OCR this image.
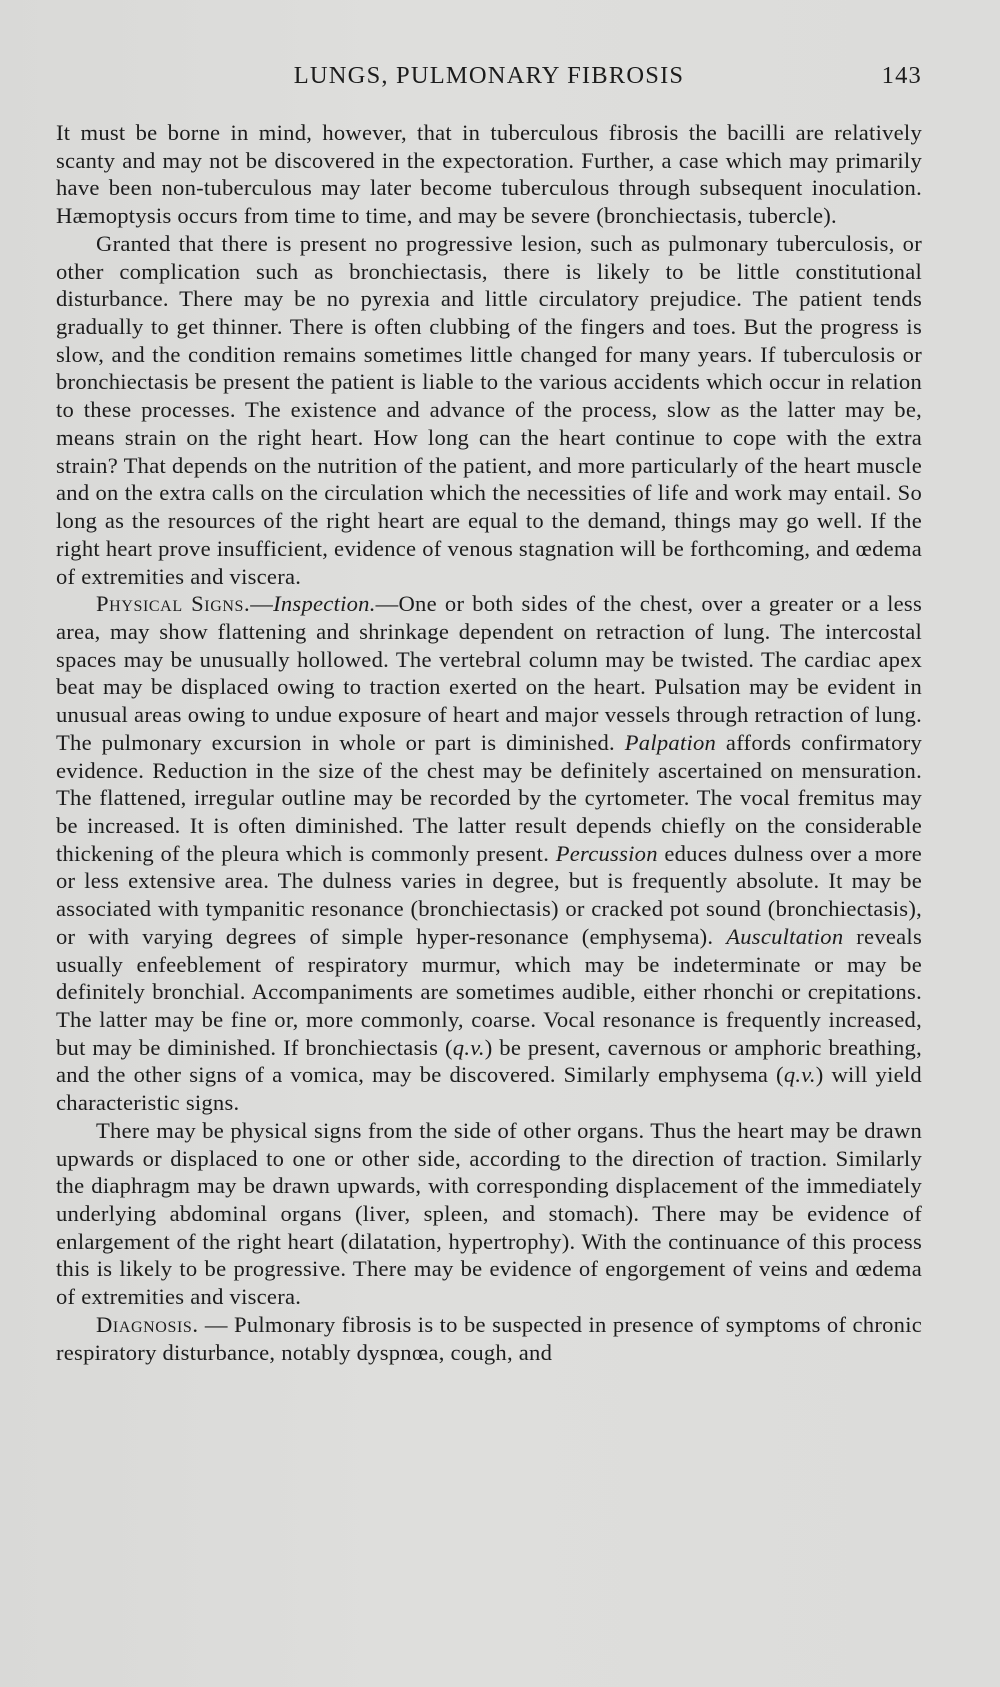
LUNGS, PULMONARY FIBROSIS	143

It must be borne in mind, however, that in tuberculous fibrosis the bacilli are relatively scanty and may not be discovered in the expectoration. Further, a case which may primarily have been non-tuberculous may later become tuberculous through subsequent inoculation. Hæmoptysis occurs from time to time, and may be severe (bronchiectasis, tubercle).

Granted that there is present no progressive lesion, such as pulmonary tuberculosis, or other complication such as bronchiectasis, there is likely to be little constitutional disturbance. There may be no pyrexia and little circulatory prejudice. The patient tends gradually to get thinner. There is often clubbing of the fingers and toes. But the progress is slow, and the condition remains sometimes little changed for many years. If tuberculosis or bronchiectasis be present the patient is liable to the various accidents which occur in relation to these processes. The existence and advance of the process, slow as the latter may be, means strain on the right heart. How long can the heart continue to cope with the extra strain? That depends on the nutrition of the patient, and more particularly of the heart muscle and on the extra calls on the circulation which the necessities of life and work may entail. So long as the resources of the right heart are equal to the demand, things may go well. If the right heart prove insufficient, evidence of venous stagnation will be forthcoming, and œdema of extremities and viscera.

Physical Signs.—Inspection.—One or both sides of the chest, over a greater or a less area, may show flattening and shrinkage dependent on retraction of lung. The intercostal spaces may be unusually hollowed. The vertebral column may be twisted. The cardiac apex beat may be displaced owing to traction exerted on the heart. Pulsation may be evident in unusual areas owing to undue exposure of heart and major vessels through retraction of lung. The pulmonary excursion in whole or part is diminished. Palpation affords confirmatory evidence. Reduction in the size of the chest may be definitely ascertained on mensuration. The flattened, irregular outline may be recorded by the cyrtometer. The vocal fremitus may be increased. It is often diminished. The latter result depends chiefly on the considerable thickening of the pleura which is commonly present. Percussion educes dulness over a more or less extensive area. The dulness varies in degree, but is frequently absolute. It may be associated with tympanitic resonance (bronchiectasis) or cracked pot sound (bronchiectasis), or with varying degrees of simple hyper-resonance (emphysema). Auscultation reveals usually enfeeblement of respiratory murmur, which may be indeterminate or may be definitely bronchial. Accompaniments are sometimes audible, either rhonchi or crepitations. The latter may be fine or, more commonly, coarse. Vocal resonance is frequently increased, but may be diminished. If bronchiectasis (q.v.) be present, cavernous or amphoric breathing, and the other signs of a vomica, may be discovered. Similarly emphysema (q.v.) will yield characteristic signs.

There may be physical signs from the side of other organs. Thus the heart may be drawn upwards or displaced to one or other side, according to the direction of traction. Similarly the diaphragm may be drawn upwards, with corresponding displacement of the immediately underlying abdominal organs (liver, spleen, and stomach). There may be evidence of enlargement of the right heart (dilatation, hypertrophy). With the continuance of this process this is likely to be progressive. There may be evidence of engorgement of veins and œdema of extremities and viscera.

Diagnosis. — Pulmonary fibrosis is to be suspected in presence of symptoms of chronic respiratory disturbance, notably dyspnœa, cough, and
